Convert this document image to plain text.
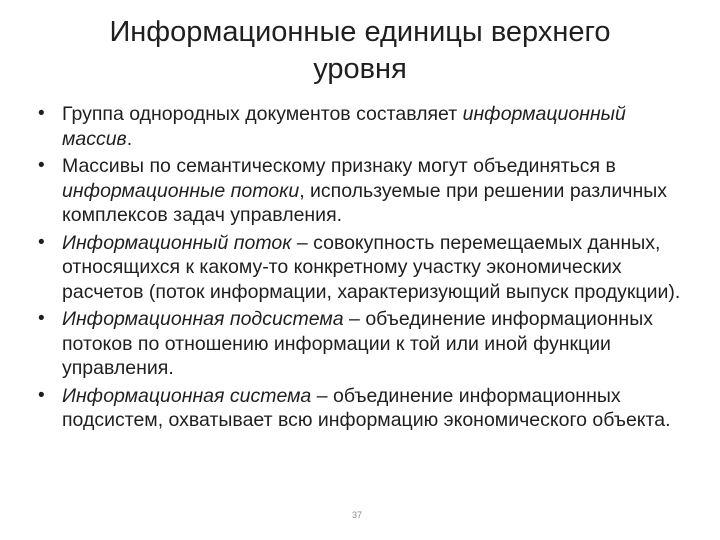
Информационные единицы верхнего
уровня
• Группа однородных документов составляет информационный массив.
• Массивы по семантическому признаку могут объединяться в информационные потоки, используемые при решении различных комплексов задач управления.
• Информационный поток – совокупность перемещаемых данных, относящихся к какому-то конкретному участку экономических расчетов (поток информации, характеризующий выпуск продукции).
• Информационная подсистема – объединение информационных потоков по отношению информации к той или иной функции управления.
• Информационная система – объединение информационных подсистем, охватывает всю информацию экономического объекта.
37
